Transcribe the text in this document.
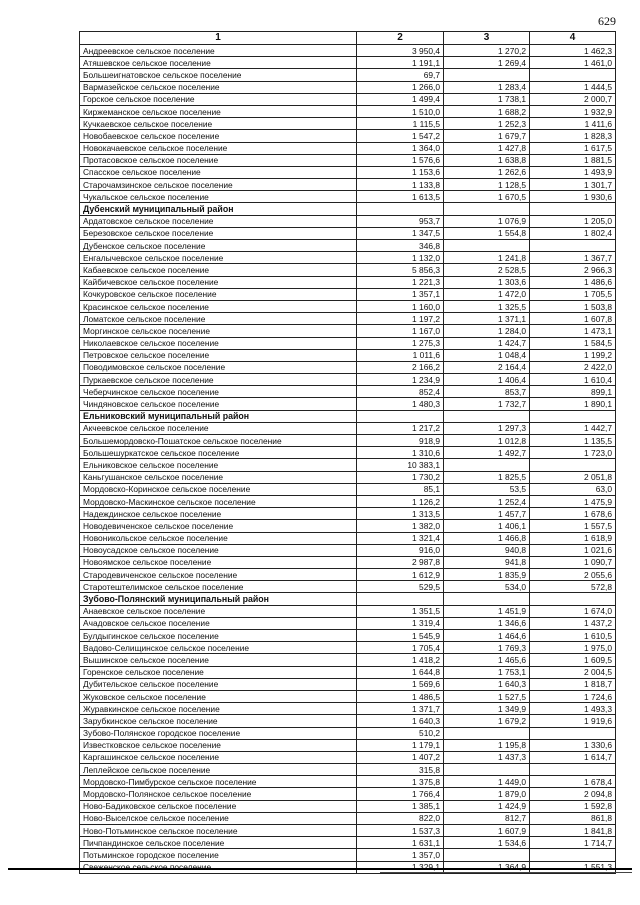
629
1	2	3	4
Андреевское сельское поселение	3 950,4	1 270,2	1 462,3
Атяшевское сельское поселение	1 191,1	1 269,4	1 461,0
Большеигнатовское сельское поселение	69,7		
Вармазейское сельское поселение	1 266,0	1 283,4	1 444,5
Горское сельское поселение	1 499,4	1 738,1	2 000,7
Киржеманское сельское поселение	1 510,0	1 688,2	1 932,9
Кучкаевское сельское поселение	1 115,5	1 252,3	1 411,6
Новобаевское сельское поселение	1 547,2	1 679,7	1 828,3
Новокачаевское сельское поселение	1 364,0	1 427,8	1 617,5
Протасовское сельское поселение	1 576,6	1 638,8	1 881,5
Спасское сельское поселение	1 153,6	1 262,6	1 493,9
Старочамзинское сельское поселение	1 133,8	1 128,5	1 301,7
Чукальское сельское поселение	1 613,5	1 670,5	1 930,6
Дубенский муниципальный район			
Ардатовское сельское поселение	953,7	1 076,9	1 205,0
Березовское сельское поселение	1 347,5	1 554,8	1 802,4
Дубенское сельское поселение	346,8		
Енгалычевское сельское поселение	1 132,0	1 241,8	1 367,7
Кабаевское сельское поселение	5 856,3	2 528,5	2 966,3
Кайбичевское сельское поселение	1 221,3	1 303,6	1 486,6
Кочкуровское сельское поселение	1 357,1	1 472,0	1 705,5
Красинское сельское поселение	1 160,0	1 325,5	1 503,8
Ломатское сельское поселение	1 197,2	1 371,1	1 607,8
Моргинское сельское поселение	1 167,0	1 284,0	1 473,1
Николаевское сельское поселение	1 275,3	1 424,7	1 584,5
Петровское сельское поселение	1 011,6	1 048,4	1 199,2
Поводимовское сельское поселение	2 166,2	2 164,4	2 422,0
Пуркаевское сельское поселение	1 234,9	1 406,4	1 610,4
Чеберчинское сельское поселение	852,4	853,7	899,1
Чиндяновское сельское поселение	1 480,3	1 732,7	1 890,1
Ельниковский муниципальный район			
Акчеевское сельское поселение	1 217,2	1 297,3	1 442,7
Большемордовско-Пошатское сельское поселение	918,9	1 012,8	1 135,5
Большешуркатское сельское поселение	1 310,6	1 492,7	1 723,0
Ельниковское сельское поселение	10 383,1		
Каньгушанское сельское поселение	1 730,2	1 825,5	2 051,8
Мордовско-Коринское сельское поселение	85,1	53,5	63,0
Мордовско-Маскинское сельское поселение	1 126,2	1 252,4	1 475,9
Надеждинское сельское поселение	1 313,5	1 457,7	1 678,6
Новодевиченское сельское поселение	1 382,0	1 406,1	1 557,5
Новоникольское сельское поселение	1 321,4	1 466,8	1 618,9
Новоусадское сельское поселение	916,0	940,8	1 021,6
Новоямское сельское поселение	2 987,8	941,8	1 090,7
Стародевиченское сельское поселение	1 612,9	1 835,9	2 055,6
Старотештелимское сельское поселение	529,5	534,0	572,8
Зубово-Полянский муниципальный район			
Анаевское сельское поселение	1 351,5	1 451,9	1 674,0
Ачадовское сельское поселение	1 319,4	1 346,6	1 437,2
Булдыгинское сельское поселение	1 545,9	1 464,6	1 610,5
Вадово-Селищинское сельское поселение	1 705,4	1 769,3	1 975,0
Вышинское сельское поселение	1 418,2	1 465,6	1 609,5
Горенское сельское поселение	1 644,8	1 753,1	2 004,5
Дубительское сельское поселение	1 569,6	1 640,3	1 818,7
Жуковское сельское поселение	1 486,5	1 527,5	1 724,6
Журавкинское сельское поселение	1 371,7	1 349,9	1 493,3
Зарубкинское сельское поселение	1 640,3	1 679,2	1 919,6
Зубово-Полянское городское поселение	510,2		
Известковское сельское поселение	1 179,1	1 195,8	1 330,6
Каргашинское сельское поселение	1 407,2	1 437,3	1 614,7
Леплейское сельское поселение	315,8		
Мордовско-Пимбурское сельское поселение	1 375,8	1 449,0	1 678,4
Мордовско-Полянское сельское поселение	1 766,4	1 879,0	2 094,8
Ново-Бадиковское сельское поселение	1 385,1	1 424,9	1 592,8
Ново-Выселское сельское поселение	822,0	812,7	861,8
Ново-Потьминское сельское поселение	1 537,3	1 607,9	1 841,8
Пичпандинское сельское поселение	1 631,1	1 534,6	1 714,7
Потьминское городское поселение	1 357,0		
